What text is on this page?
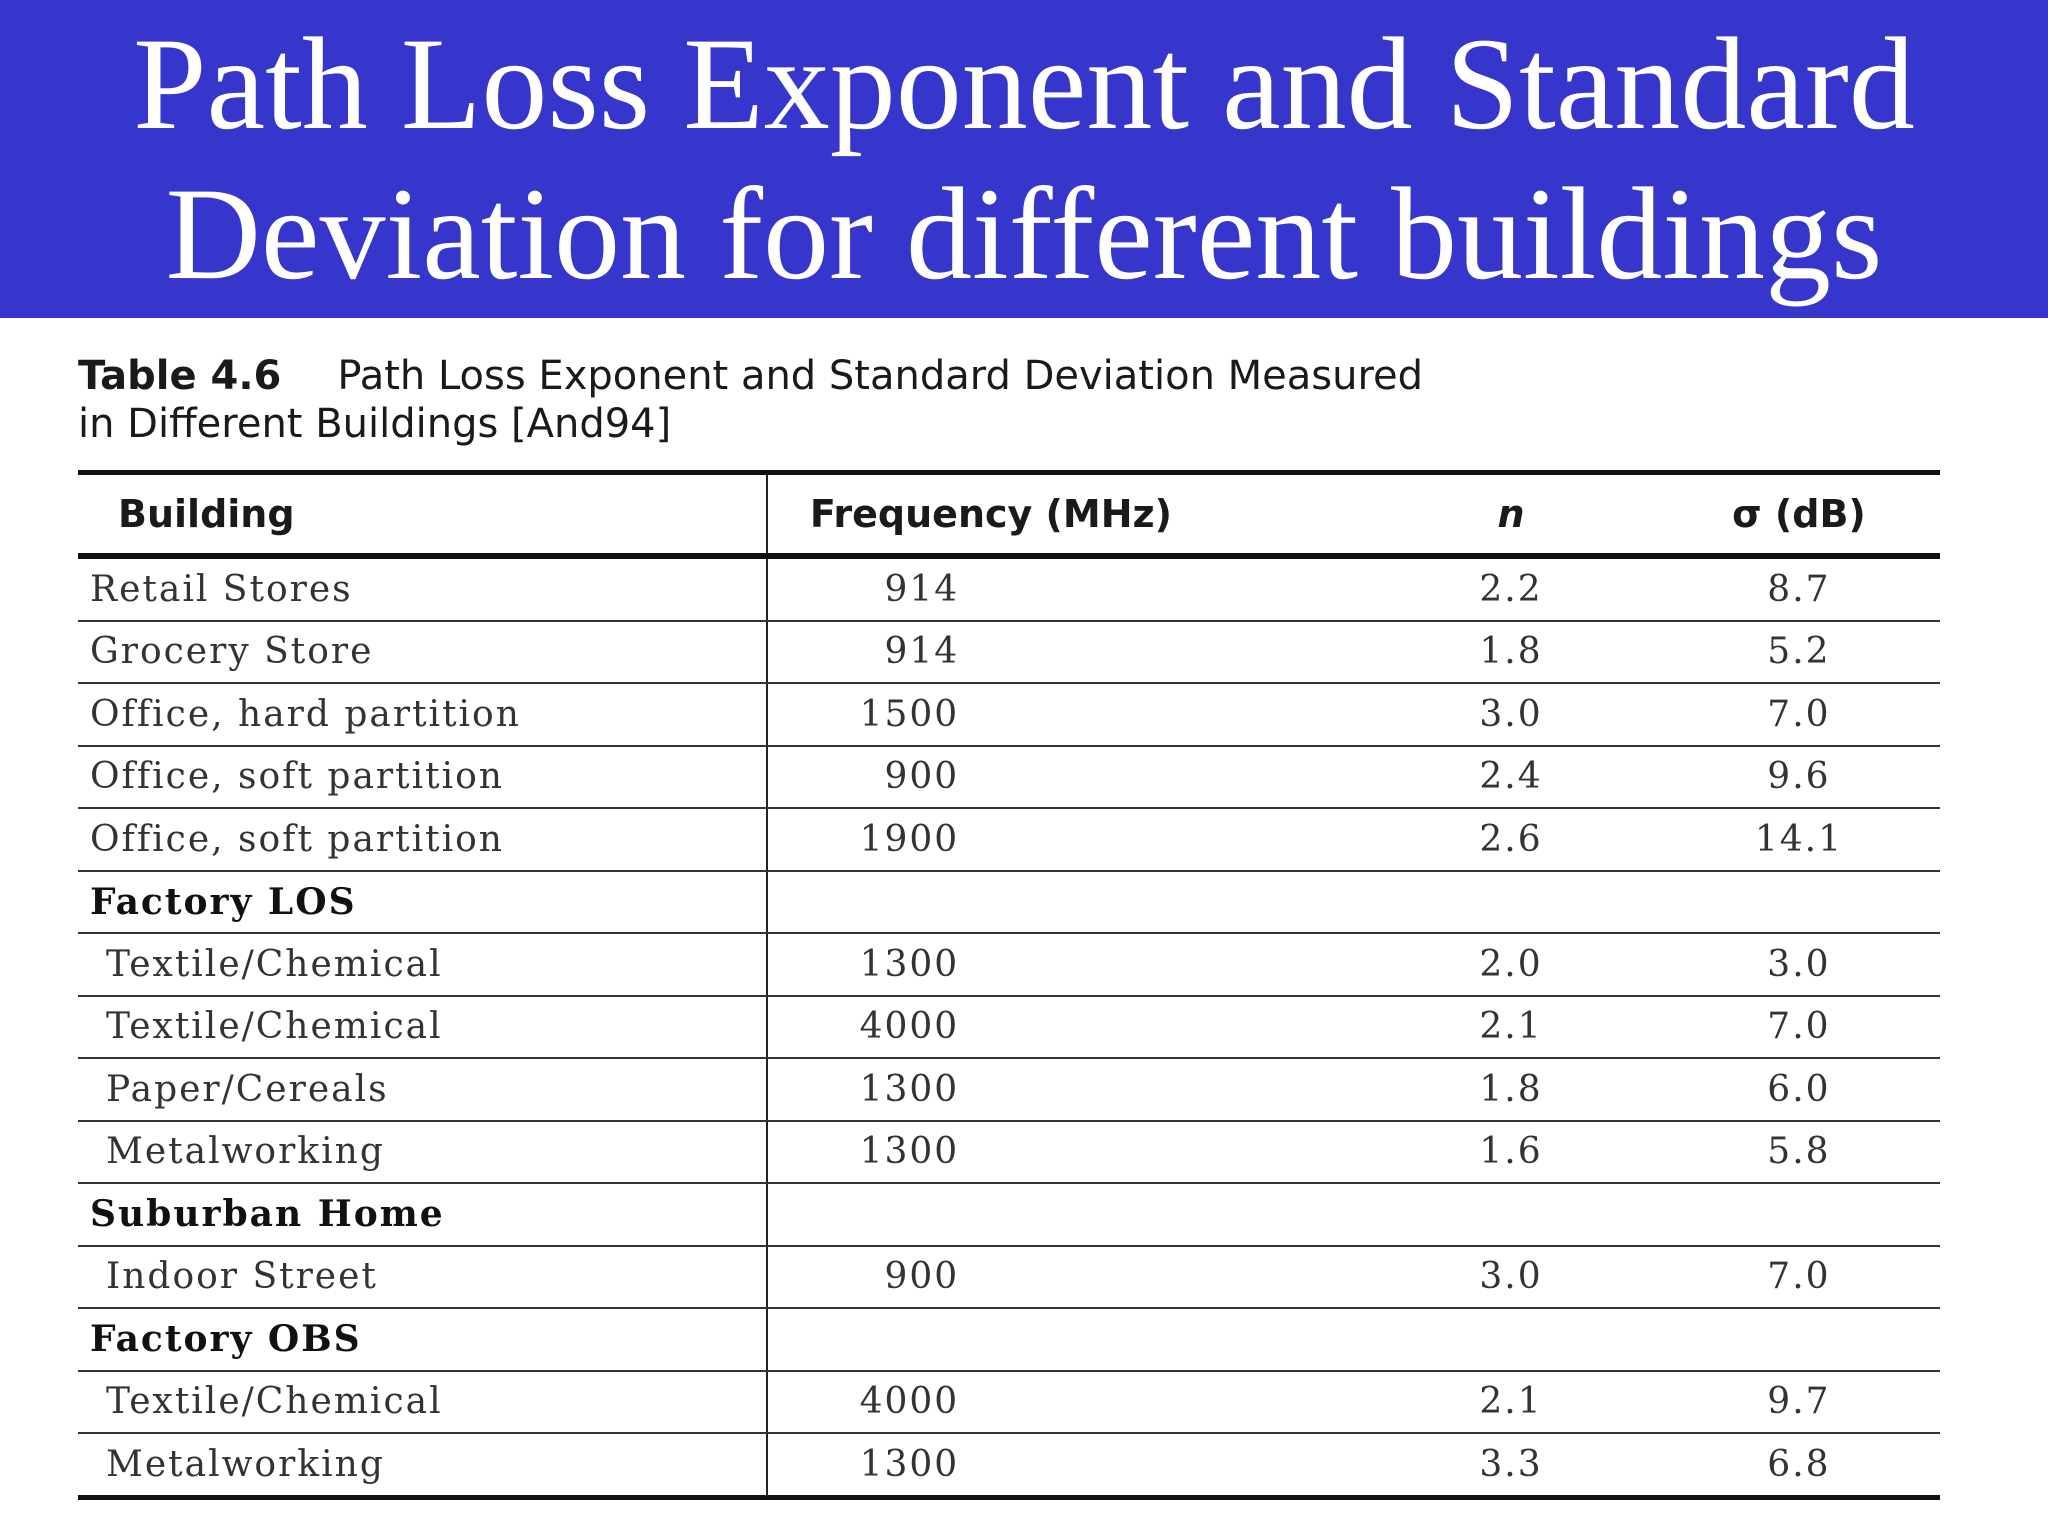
Path Loss Exponent and Standard
Deviation for different buildings
Table 4.6 Path Loss Exponent and Standard Deviation Measured
in Different Buildings [And94]
Building	Frequency (MHz)	n	σ (dB)
Retail Stores	914	2.2	8.7
Grocery Store	914	1.8	5.2
Office, hard partition	1500	3.0	7.0
Office, soft partition	900	2.4	9.6
Office, soft partition	1900	2.6	14.1
Factory LOS			
Textile/Chemical	1300	2.0	3.0
Textile/Chemical	4000	2.1	7.0
Paper/Cereals	1300	1.8	6.0
Metalworking	1300	1.6	5.8
Suburban Home			
Indoor Street	900	3.0	7.0
Factory OBS			
Textile/Chemical	4000	2.1	9.7
Metalworking	1300	3.3	6.8
